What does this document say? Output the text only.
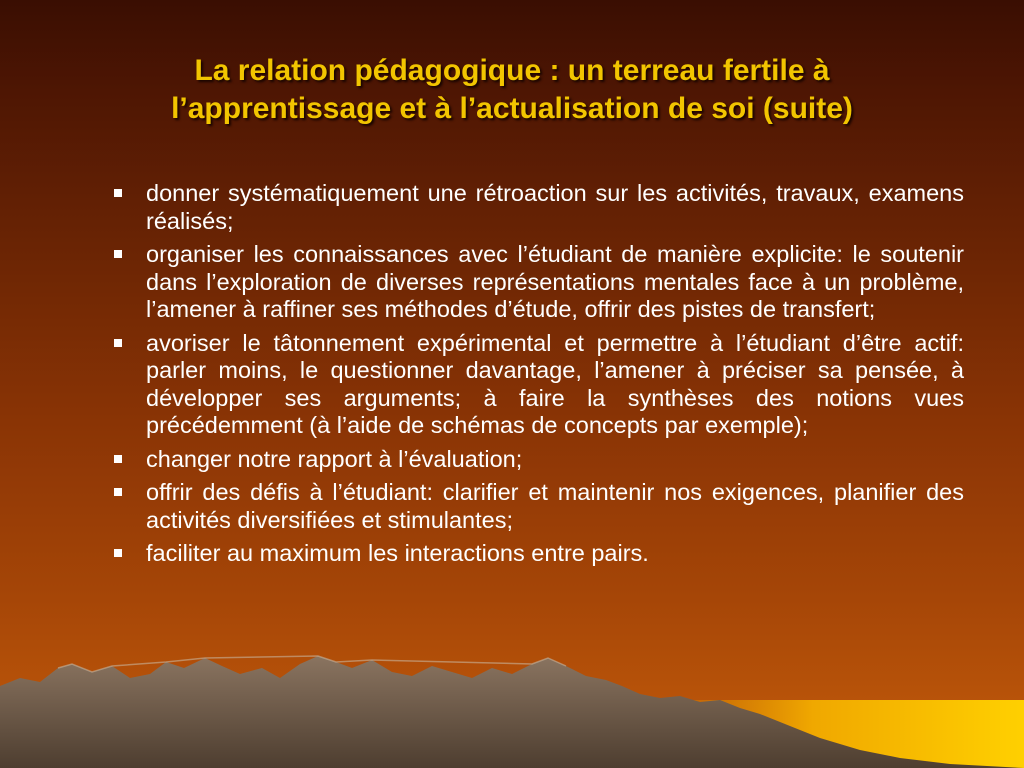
La relation pédagogique : un terreau fertile à
l’apprentissage et à l’actualisation de soi (suite)
donner systématiquement une rétroaction sur les activités, travaux, examens réalisés;
organiser les connaissances avec l’étudiant de manière explicite: le soutenir dans l’exploration de diverses représentations mentales face à un problème, l’amener à raffiner ses méthodes d’étude, offrir des pistes de transfert;
avoriser le tâtonnement expérimental et permettre à l’étudiant d’être actif: parler moins, le questionner davantage, l’amener à préciser sa pensée, à développer ses arguments; à faire la synthèses des notions vues précédemment (à l’aide de schémas de concepts par exemple);
changer notre rapport à l’évaluation;
offrir des défis à l’étudiant: clarifier et maintenir nos exigences, planifier des activités diversifiées et stimulantes;
faciliter au maximum les interactions entre pairs.
